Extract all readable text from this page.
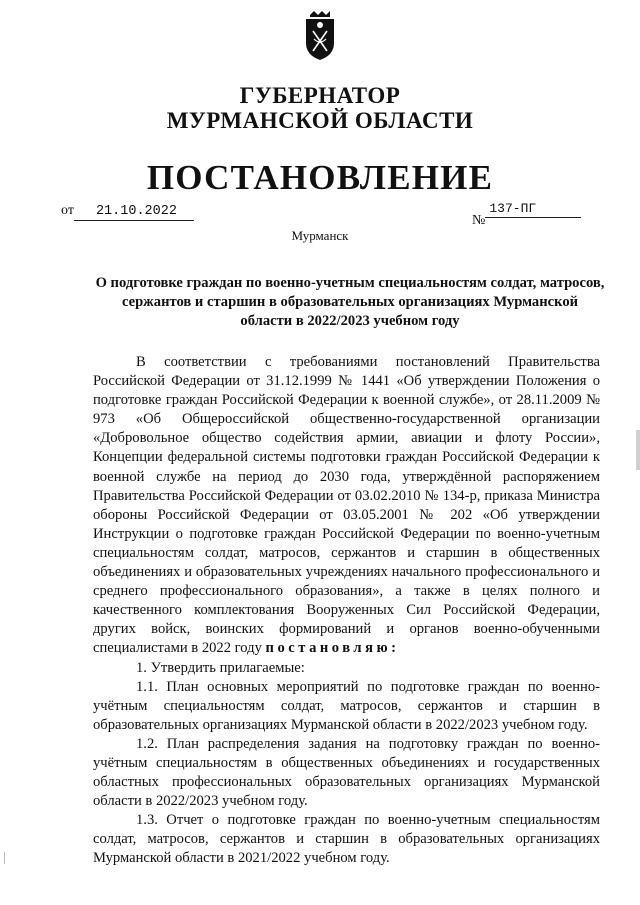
ГУБЕРНАТОР
МУРМАНСКОЙ ОБЛАСТИ
ПОСТАНОВЛЕНИЕ
от 21.10.2022
№137-ПГ
Мурманск
О подготовке граждан по военно-учетным специальностям солдат, матросов, сержантов и старшин в образовательных организациях Мурманской области в 2022/2023 учебном году

В соответствии с требованиями постановлений Правительства Российской Федерации от 31.12.1999 № 1441 «Об утверждении Положения о подготовке граждан Российской Федерации к военной службе», от 28.11.2009 № 973 «Об Общероссийской общественно-государственной организации «Добровольное общество содействия армии, авиации и флоту России», Концепции федеральной системы подготовки граждан Российской Федерации к военной службе на период до 2030 года, утверждённой распоряжением Правительства Российской Федерации от 03.02.2010 № 134-р, приказа Министра обороны Российской Федерации от 03.05.2001 № 202 «Об утверждении Инструкции о подготовке граждан Российской Федерации по военно-учетным специальностям солдат, матросов, сержантов и старшин в общественных объединениях и образовательных учреждениях начального профессионального и среднего профессионального образования», а также в целях полного и качественного комплектования Вооруженных Сил Российской Федерации, других войск, воинских формирований и органов военно-обученными специалистами в 2022 году постановляю:

1. Утвердить прилагаемые:

1.1. План основных мероприятий по подготовке граждан по военно-учётным специальностям солдат, матросов, сержантов и старшин в образовательных организациях Мурманской области в 2022/2023 учебном году.

1.2. План распределения задания на подготовку граждан по военно-учётным специальностям в общественных объединениях и государственных областных профессиональных образовательных организациях Мурманской области в 2022/2023 учебном году.

1.3. Отчет о подготовке граждан по военно-учетным специальностям солдат, матросов, сержантов и старшин в образовательных организациях Мурманской области в 2021/2022 учебном году.
